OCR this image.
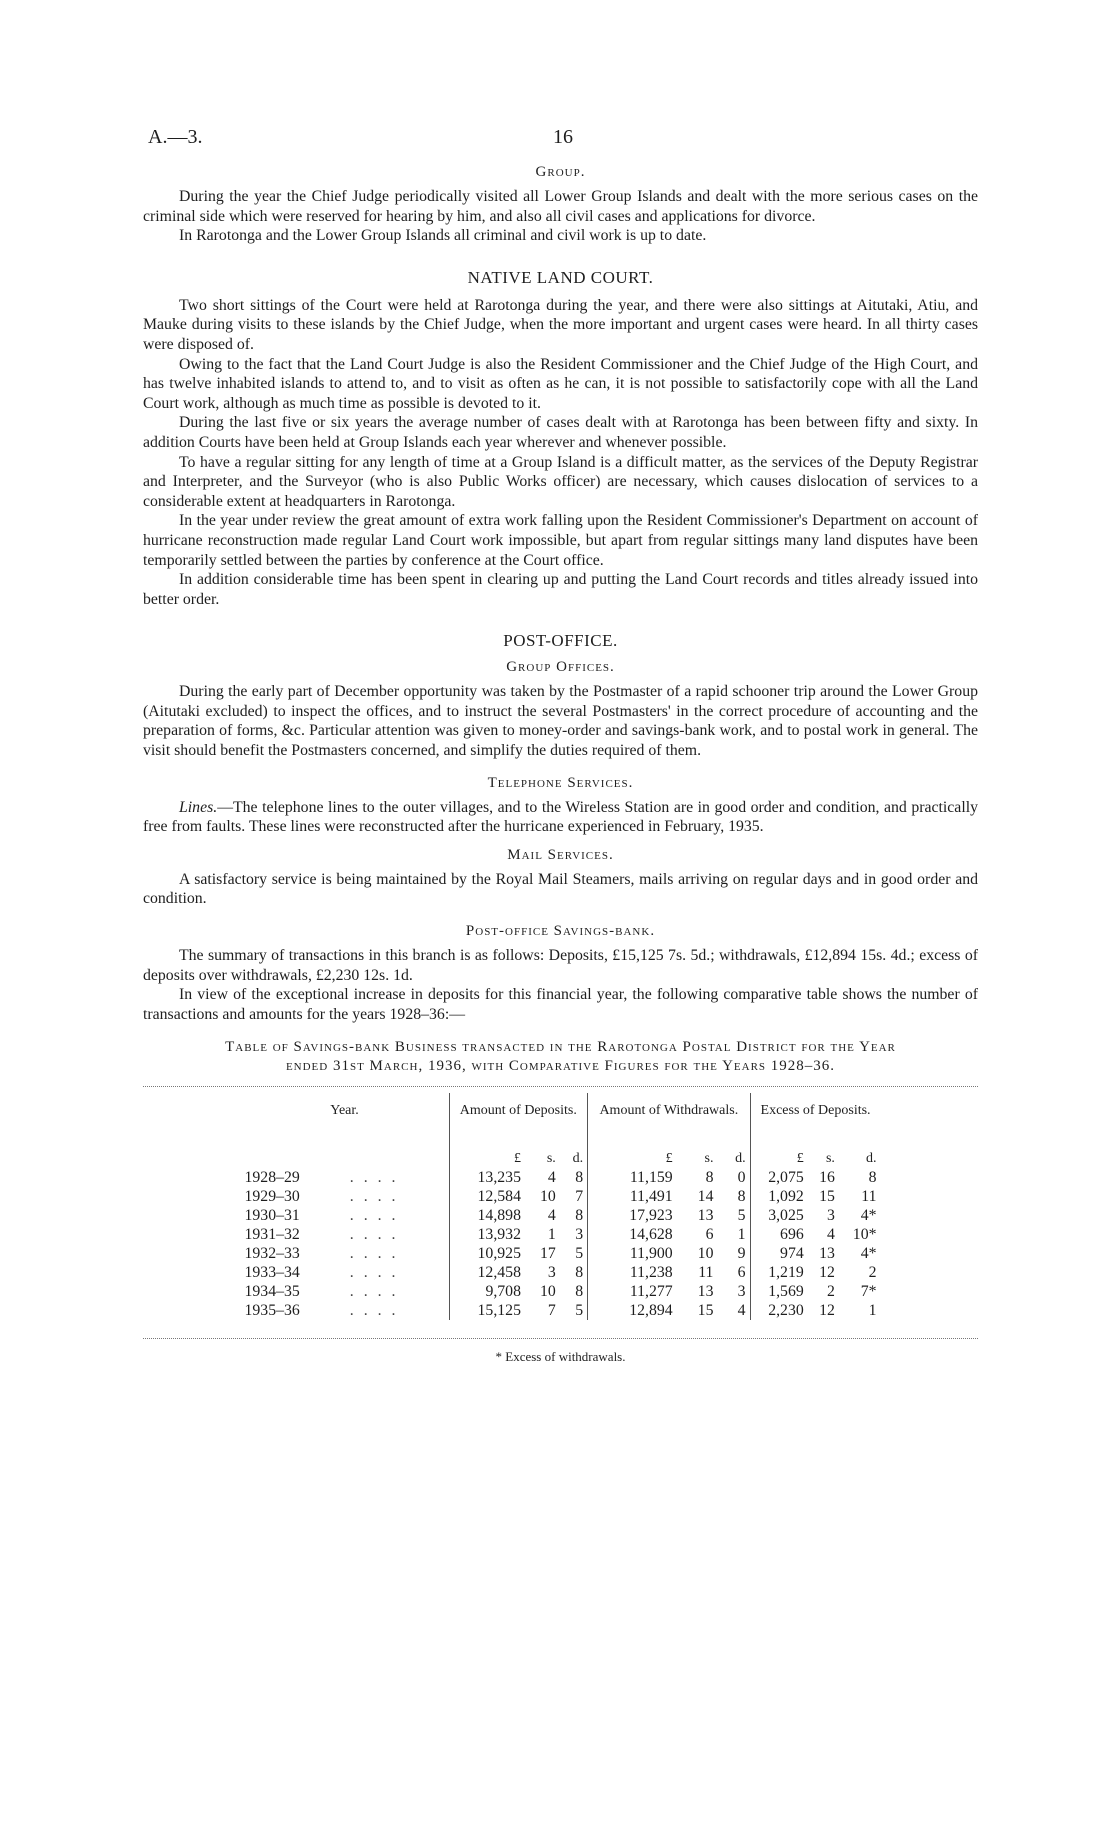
A.—3.	16
Group.

During the year the Chief Judge periodically visited all Lower Group Islands and dealt with the more serious cases on the criminal side which were reserved for hearing by him, and also all civil cases and applications for divorce.

In Rarotonga and the Lower Group Islands all criminal and civil work is up to date.

NATIVE LAND COURT.

Two short sittings of the Court were held at Rarotonga during the year, and there were also sittings at Aitutaki, Atiu, and Mauke during visits to these islands by the Chief Judge, when the more important and urgent cases were heard. In all thirty cases were disposed of.

Owing to the fact that the Land Court Judge is also the Resident Commissioner and the Chief Judge of the High Court, and has twelve inhabited islands to attend to, and to visit as often as he can, it is not possible to satisfactorily cope with all the Land Court work, although as much time as possible is devoted to it.

During the last five or six years the average number of cases dealt with at Rarotonga has been between fifty and sixty. In addition Courts have been held at Group Islands each year wherever and whenever possible.

To have a regular sitting for any length of time at a Group Island is a difficult matter, as the services of the Deputy Registrar and Interpreter, and the Surveyor (who is also Public Works officer) are necessary, which causes dislocation of services to a considerable extent at headquarters in Rarotonga.

In the year under review the great amount of extra work falling upon the Resident Commissioner's Department on account of hurricane reconstruction made regular Land Court work impossible, but apart from regular sittings many land disputes have been temporarily settled between the parties by conference at the Court office.

In addition considerable time has been spent in clearing up and putting the Land Court records and titles already issued into better order.

POST-OFFICE.
Group Offices.

During the early part of December opportunity was taken by the Postmaster of a rapid schooner trip around the Lower Group (Aitutaki excluded) to inspect the offices, and to instruct the several Postmasters' in the correct procedure of accounting and the preparation of forms, &c. Particular attention was given to money-order and savings-bank work, and to postal work in general. The visit should benefit the Postmasters concerned, and simplify the duties required of them.

Telephone Services.

Lines.—The telephone lines to the outer villages, and to the Wireless Station are in good order and condition, and practically free from faults. These lines were reconstructed after the hurricane experienced in February, 1935.

Mail Services.

A satisfactory service is being maintained by the Royal Mail Steamers, mails arriving on regular days and in good order and condition.

Post-office Savings-bank.

The summary of transactions in this branch is as follows: Deposits, £15,125 7s. 5d.; withdrawals, £12,894 15s. 4d.; excess of deposits over withdrawals, £2,230 12s. 1d.

In view of the exceptional increase in deposits for this financial year, the following comparative table shows the number of transactions and amounts for the years 1928–36:—

Table of Savings-bank Business transacted in the Rarotonga Postal District for the Year
ended 31st March, 1936, with Comparative Figures for the Years 1928–36.
Year.	Amount of Deposits.			Amount of Withdrawals.			Excess of Deposits.		
	£	s.	d.	£	s.	d.	£	s.	d.
1928–29 . . . .	13,235	4	8	11,159	8	0	2,075	16	8
1929–30 . . . .	12,584	10	7	11,491	14	8	1,092	15	11
1930–31 . . . .	14,898	4	8	17,923	13	5	3,025	3	4*
1931–32 . . . .	13,932	1	3	14,628	6	1	696	4	10*
1932–33 . . . .	10,925	17	5	11,900	10	9	974	13	4*
1933–34 . . . .	12,458	3	8	11,238	11	6	1,219	12	2
1934–35 . . . .	9,708	10	8	11,277	13	3	1,569	2	7*
1935–36 . . . .	15,125	7	5	12,894	15	4	2,230	12	1
* Excess of withdrawals.
